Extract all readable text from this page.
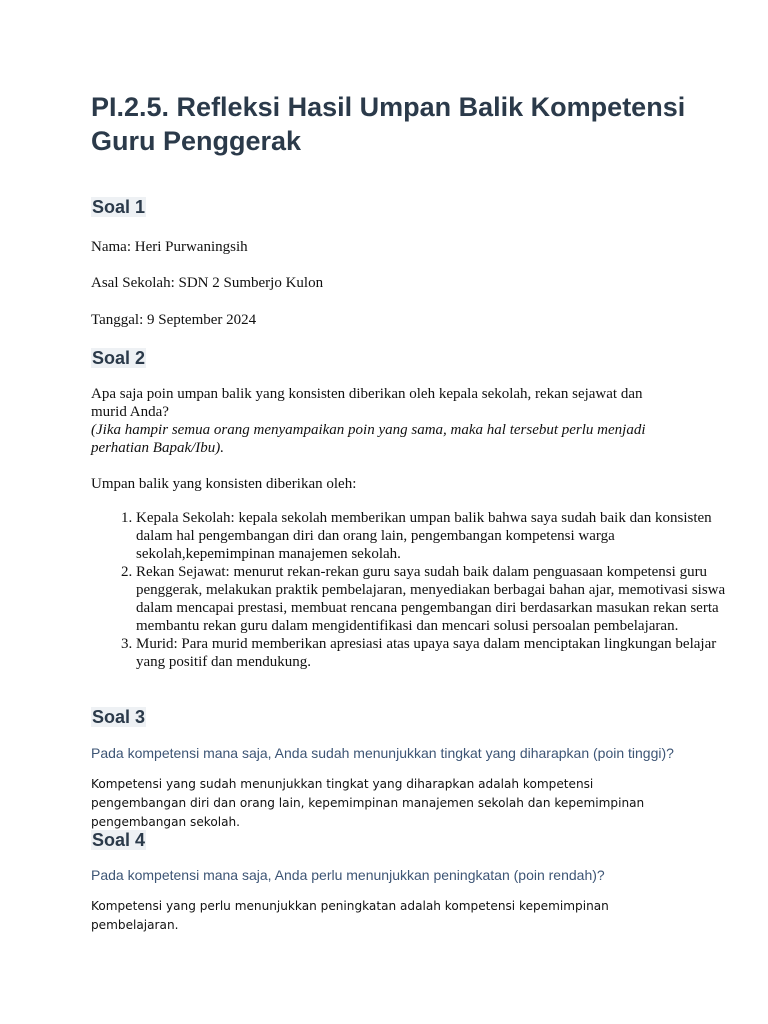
PI.2.5. Refleksi Hasil Umpan Balik Kompetensi Guru Penggerak
Soal 1

Nama: Heri Purwaningsih

Asal Sekolah: SDN 2 Sumberjo Kulon

Tanggal: 9 September 2024

Soal 2

Apa saja poin umpan balik yang konsisten diberikan oleh kepala sekolah, rekan sejawat dan murid Anda?

(Jika hampir semua orang menyampaikan poin yang sama, maka hal tersebut perlu menjadi perhatian Bapak/Ibu).

Umpan balik yang konsisten diberikan oleh:

1. Kepala Sekolah: kepala sekolah memberikan umpan balik bahwa saya sudah baik dan konsisten dalam hal pengembangan diri dan orang lain, pengembangan kompetensi warga sekolah,kepemimpinan manajemen sekolah.
2. Rekan Sejawat: menurut rekan-rekan guru saya sudah baik dalam penguasaan kompetensi guru penggerak, melakukan praktik pembelajaran, menyediakan berbagai bahan ajar, memotivasi siswa dalam mencapai prestasi, membuat rencana pengembangan diri berdasarkan masukan rekan serta membantu rekan guru dalam mengidentifikasi dan mencari solusi persoalan pembelajaran.
3. Murid: Para murid memberikan apresiasi atas upaya saya dalam menciptakan lingkungan belajar yang positif dan mendukung.
Soal 3

Pada kompetensi mana saja, Anda sudah menunjukkan tingkat yang diharapkan (poin tinggi)?

Kompetensi yang sudah menunjukkan tingkat yang diharapkan adalah kompetensi pengembangan diri dan orang lain, kepemimpinan manajemen sekolah dan kepemimpinan pengembangan sekolah.

Soal 4

Pada kompetensi mana saja, Anda perlu menunjukkan peningkatan (poin rendah)?

Kompetensi yang perlu menunjukkan peningkatan adalah kompetensi kepemimpinan pembelajaran.
